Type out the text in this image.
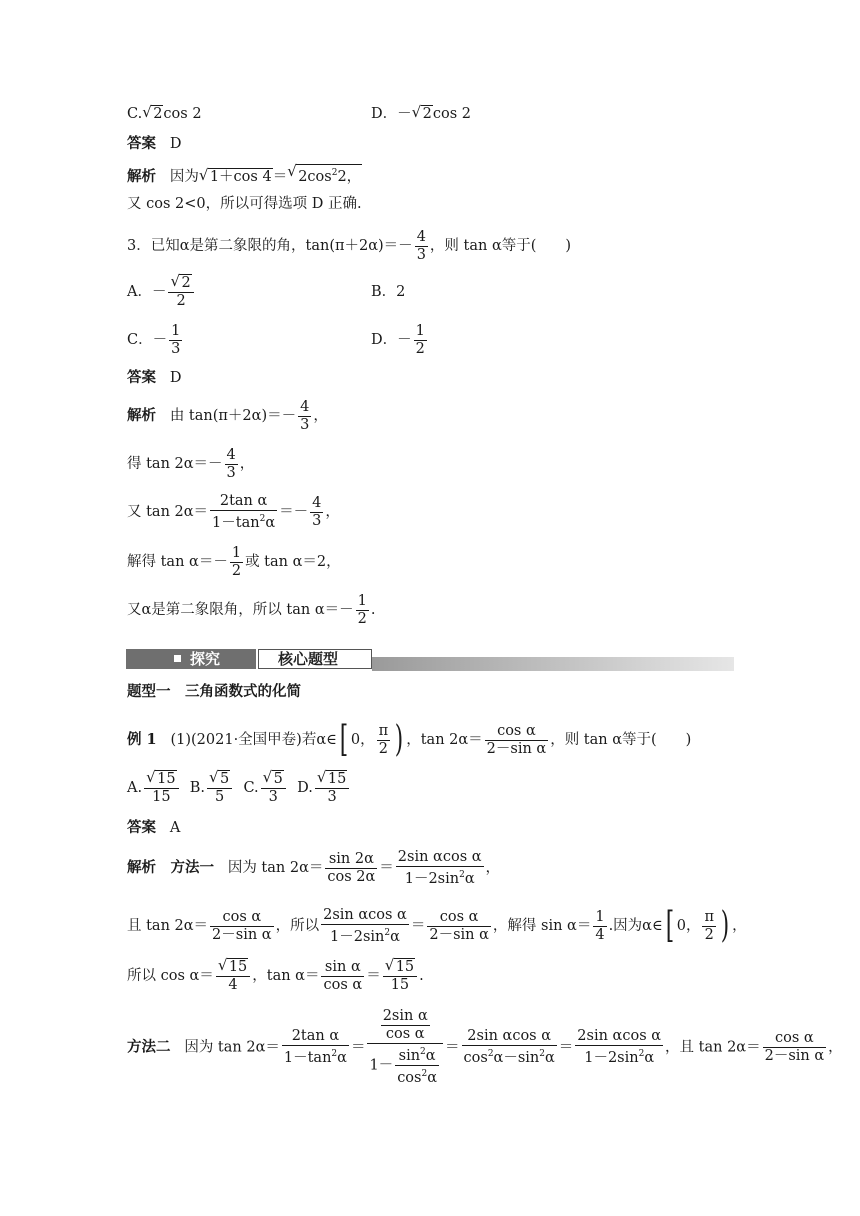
C. √ 2cos 2	D．－ √ 2cos 2
答案 D
解析 因为 √ 1＋cos 4＝ √ $2\cos^22$，
又 cos 2<0，所以可得选项 D 正确.
3．已知α是第二象限的角，$\tan(\pi+2\alpha)=- \frac{4}{3}$ ，则 tan α等于(　　)
A．－ √ $\frac{2}{2}$	B．2
C．－ $\frac{1}{3}$	D．－ $\frac{1}{2}$
答案 D
解析 由 $\tan(\pi+2\alpha)=- \frac{4}{3}$ ，
得 $\tan 2\alpha=- \frac{4}{3}$ ，
又 $\tan 2\alpha= \frac{\text{2tan α}}{1-\tan^2\alpha} =- \frac{4}{3}$ ，
解得 $\tan \alpha=- \frac{1}{2}$ 或 tan α＝2，
又α是第二象限角，所以 $\tan \alpha=- \frac{1}{2}$ .
探究	核心题型
题型一　三角函数式的化简
例 1 (1)(2021·全国甲卷)若α∈[ 0， $\frac{\pi}{2}$ ) ，$\tan 2\alpha= \frac{\text{cos α}}{\text{2－sin α}}$ ，则 tan α等于(　　)
A. √ $\frac{15}{15} B$. √ $\frac{5}{5} C$. √ $\frac{5}{3} D$. √ $\frac{15}{3}$
答案 A
解析　方法一 因为 $\tan 2\alpha= \frac{\sin 2\alpha}{\cos 2\alpha} = \frac{\text{2sin αcos α}}{1-2\sin^2\alpha}$ ，
且 $\tan 2\alpha= \frac{\text{cos α}}{\text{2－sin α}}$ ，所以 $\frac{\text{2sin αcos α}}{1-2\sin^2\alpha} = \frac{\text{cos α}}{\text{2－sin α}}$ ，解得 $\sin \alpha= \frac{1}{4}$ .因为α∈[ 0， $\frac{\pi}{2}$ ) ，
所以 cos α＝ √ $\frac{15}{4}$ ，$\tan \alpha= \frac{\text{sin α}}{\text{cos α}}$ ＝ √ $\frac{15}{15}$ .
方法二 因为 $\tan 2\alpha= \frac{\text{2tan α}}{1-\tan^2\alpha} = \frac{\frac{\text{2sin α}}{\text{cos α}}}{1- \frac{\sin^2\alpha}{\cos^2\alpha}} = \frac{\text{2sin αcos α}}{\cos^2\alpha-\sin^2\alpha} = \frac{\text{2sin αcos α}}{1-2\sin^2\alpha}$ ，且 $\tan 2\alpha= \frac{\text{cos α}}{\text{2－sin α}}$ ，
